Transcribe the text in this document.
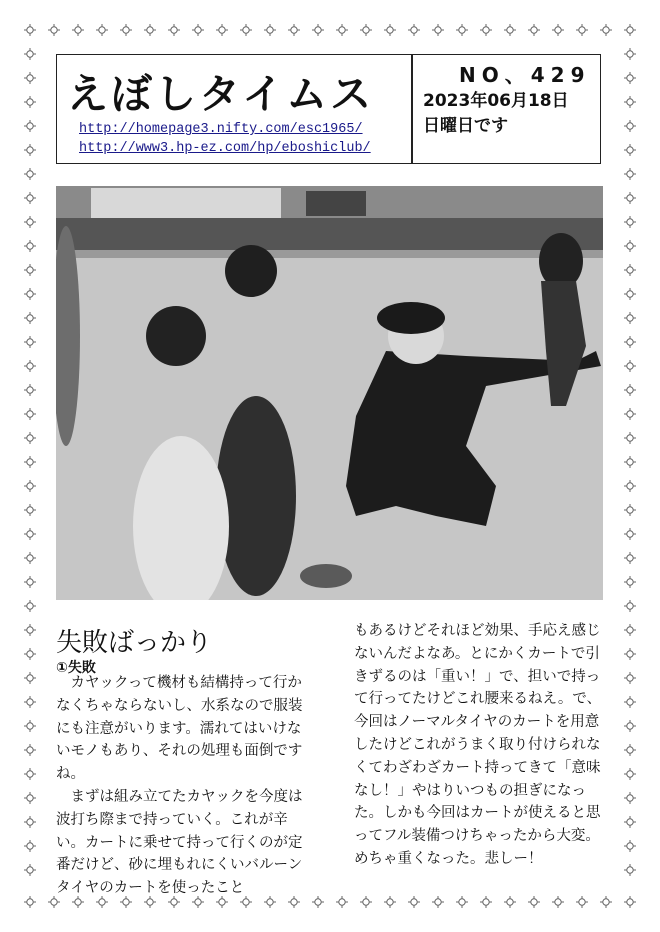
えぼしタイムス
http://homepage3.nifty.com/esc1965/
http://www3.hp-ez.com/hp/eboshiclub/
NO、429
2023年06月18日
日曜日です
失敗ばっかり
①失敗

カヤックって機材も結構持って行かなくちゃならないし、水系なので服装にも注意がいります。濡れてはいけないモノもあり、それの処理も面倒ですね。

まずは組み立てたカヤックを今度は波打ち際まで持っていく。これが辛い。カートに乗せて持って行くのが定番だけど、砂に埋もれにくいバルーンタイヤのカートを使ったこと

もあるけどそれほど効果、手応え感じないんだよなあ。とにかくカートで引きずるのは「重い！」で、担いで持って行ってたけどこれ腰来るねえ。で、今回はノーマルタイヤのカートを用意したけどこれがうまく取り付けられなくてわざわざカート持ってきて「意味なし！」やはりいつもの担ぎになった。しかも今回はカートが使えると思ってフル装備つけちゃったから大変。めちゃ重くなった。悲しー！
